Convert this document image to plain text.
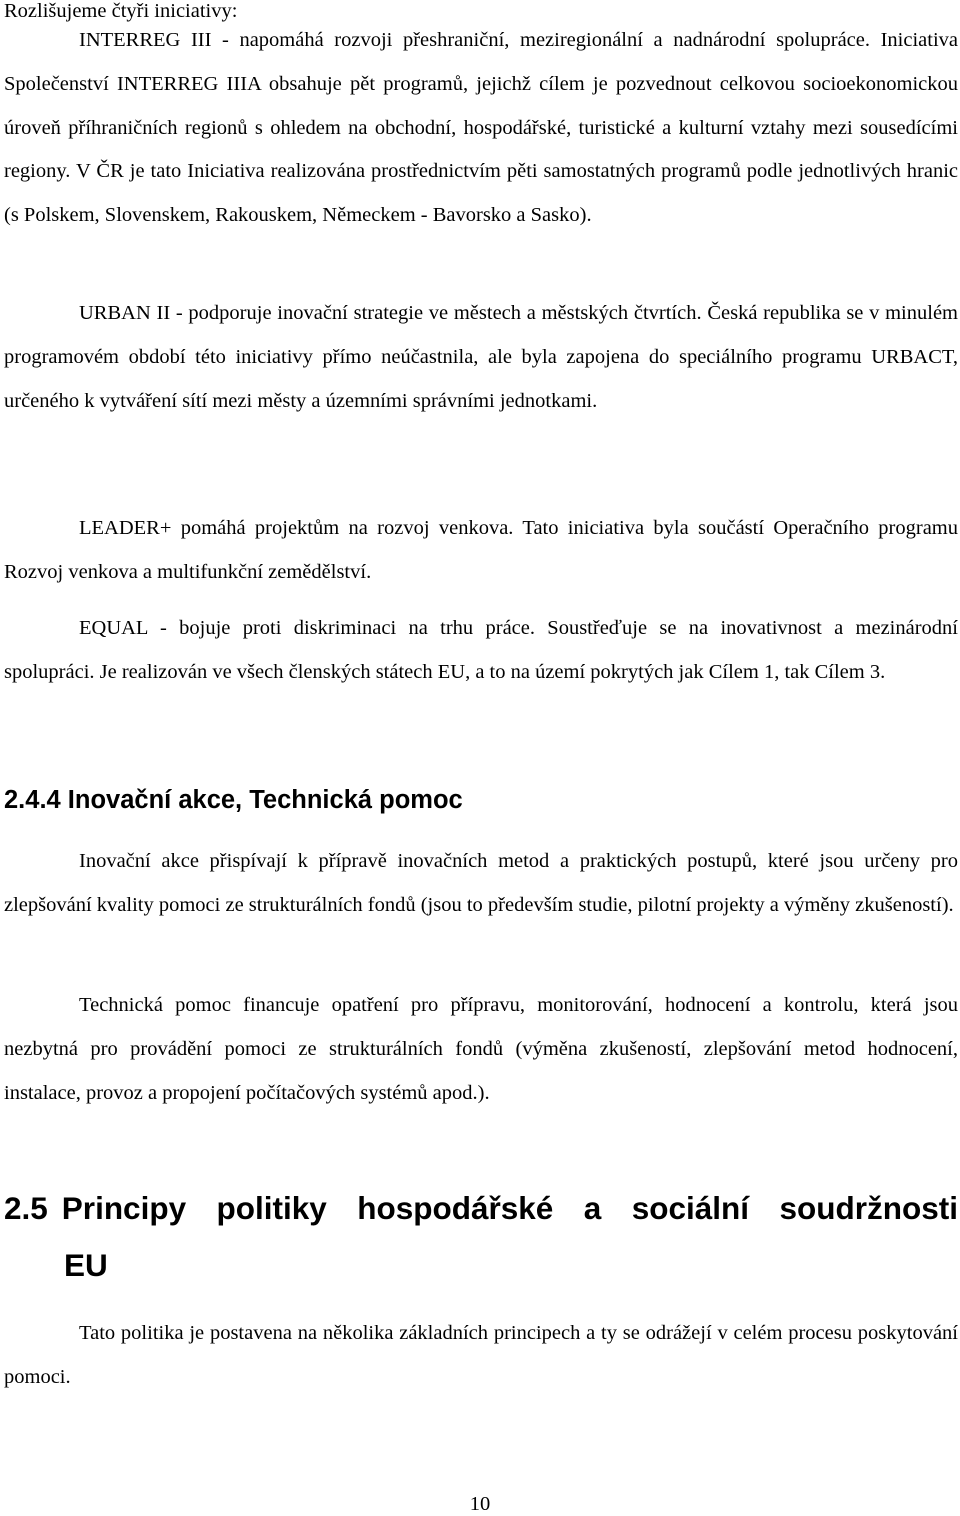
Rozlišujeme čtyři iniciativy:

INTERREG III - napomáhá rozvoji přeshraniční, meziregionální a nadnárodní spolupráce. Iniciativa Společenství INTERREG IIIA obsahuje pět programů, jejichž cílem je pozvednout celkovou socioekonomickou úroveň příhraničních regionů s ohledem na obchodní, hospodářské, turistické a kulturní vztahy mezi sousedícími regiony. V ČR je tato Iniciativa realizována prostřednictvím pěti samostatných programů podle jednotlivých hranic (s Polskem, Slovenskem, Rakouskem, Německem - Bavorsko a Sasko).

URBAN II - podporuje inovační strategie ve městech a městských čtvrtích. Česká republika se v minulém programovém období této iniciativy přímo neúčastnila, ale byla zapojena do speciálního programu URBACT, určeného k vytváření sítí mezi městy a územními správními jednotkami.

LEADER+ pomáhá projektům na rozvoj venkova. Tato iniciativa byla součástí Operačního programu Rozvoj venkova a multifunkční zemědělství.

EQUAL - bojuje proti diskriminaci na trhu práce. Soustřeďuje se na inovativnost a mezinárodní spolupráci. Je realizován ve všech členských státech EU, a to na území pokrytých jak Cílem 1, tak Cílem 3.

2.4.4 Inovační akce, Technická pomoc

Inovační akce přispívají k přípravě inovačních metod a praktických postupů, které jsou určeny pro zlepšování kvality pomoci ze strukturálních fondů (jsou to především studie, pilotní projekty a výměny zkušeností).

Technická pomoc financuje opatření pro přípravu, monitorování, hodnocení a kontrolu, která jsou nezbytná pro provádění pomoci ze strukturálních fondů (výměna zkušeností, zlepšování metod hodnocení, instalace, provoz a propojení počítačových systémů apod.).

2.5 Principy politiky hospodářské a sociální soudržnosti
EU

Tato politika je postavena na několika základních principech a ty se odrážejí v celém procesu poskytování pomoci.

10
